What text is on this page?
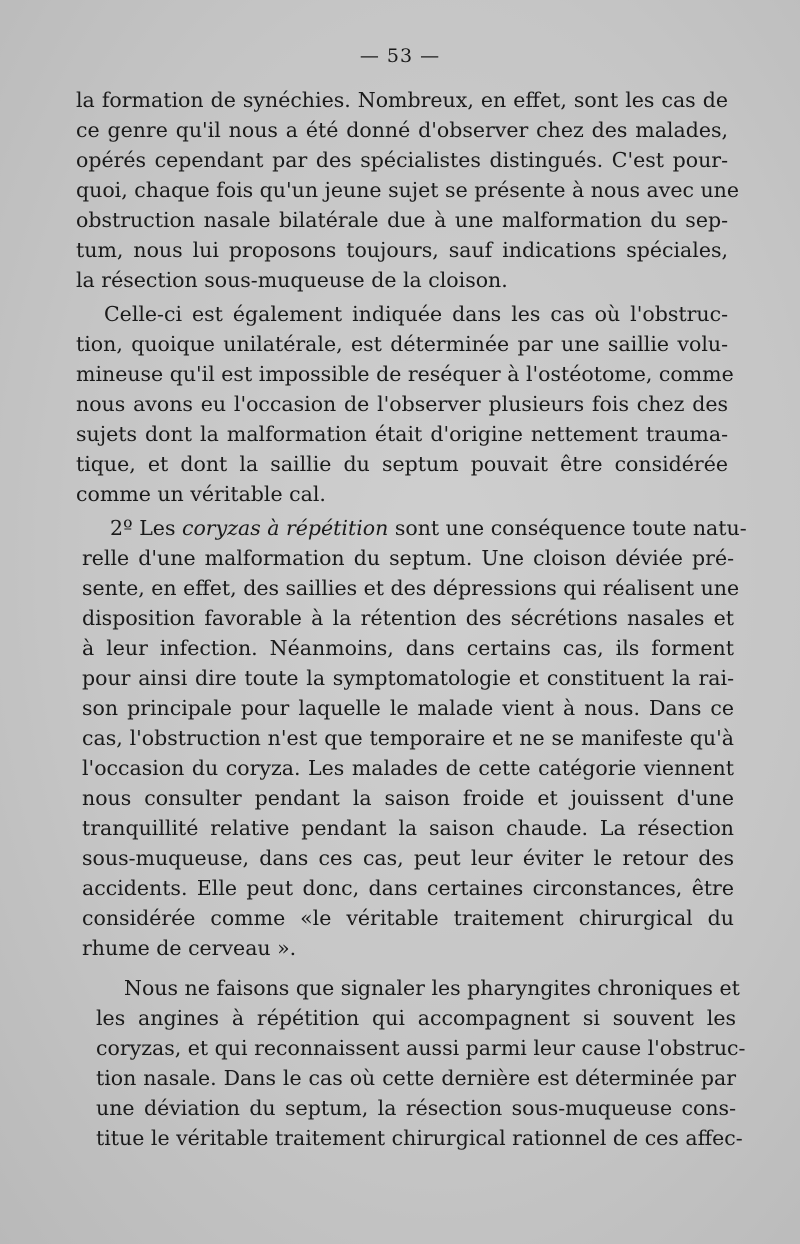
— 53 —

la formation de synéchies. Nombreux, en effet, sont les cas de
ce genre qu'il nous a été donné d'observer chez des malades,
opérés cependant par des spécialistes distingués. C'est pour-
quoi, chaque fois qu'un jeune sujet se présente à nous avec une
obstruction nasale bilatérale due à une malformation du sep-
tum, nous lui proposons toujours, sauf indications spéciales,
la résection sous-muqueuse de la cloison.

Celle-ci est également indiquée dans les cas où l'obstruc-
tion, quoique unilatérale, est déterminée par une saillie volu-
mineuse qu'il est impossible de reséquer à l'ostéotome, comme
nous avons eu l'occasion de l'observer plusieurs fois chez des
sujets dont la malformation était d'origine nettement trauma-
tique, et dont la saillie du septum pouvait être considérée
comme un véritable cal.

2º Les coryzas à répétition sont une conséquence toute natu-
relle d'une malformation du septum. Une cloison déviée pré-
sente, en effet, des saillies et des dépressions qui réalisent une
disposition favorable à la rétention des sécrétions nasales et
à leur infection. Néanmoins, dans certains cas, ils forment
pour ainsi dire toute la symptomatologie et constituent la rai-
son principale pour laquelle le malade vient à nous. Dans ce
cas, l'obstruction n'est que temporaire et ne se manifeste qu'à
l'occasion du coryza. Les malades de cette catégorie viennent
nous consulter pendant la saison froide et jouissent d'une
tranquillité relative pendant la saison chaude. La résection
sous-muqueuse, dans ces cas, peut leur éviter le retour des
accidents. Elle peut donc, dans certaines circonstances, être
considérée comme «le véritable traitement chirurgical du
rhume de cerveau ».

Nous ne faisons que signaler les pharyngites chroniques et
les angines à répétition qui accompagnent si souvent les
coryzas, et qui reconnaissent aussi parmi leur cause l'obstruc-
tion nasale. Dans le cas où cette dernière est déterminée par
une déviation du septum, la résection sous-muqueuse cons-
titue le véritable traitement chirurgical rationnel de ces affec-
